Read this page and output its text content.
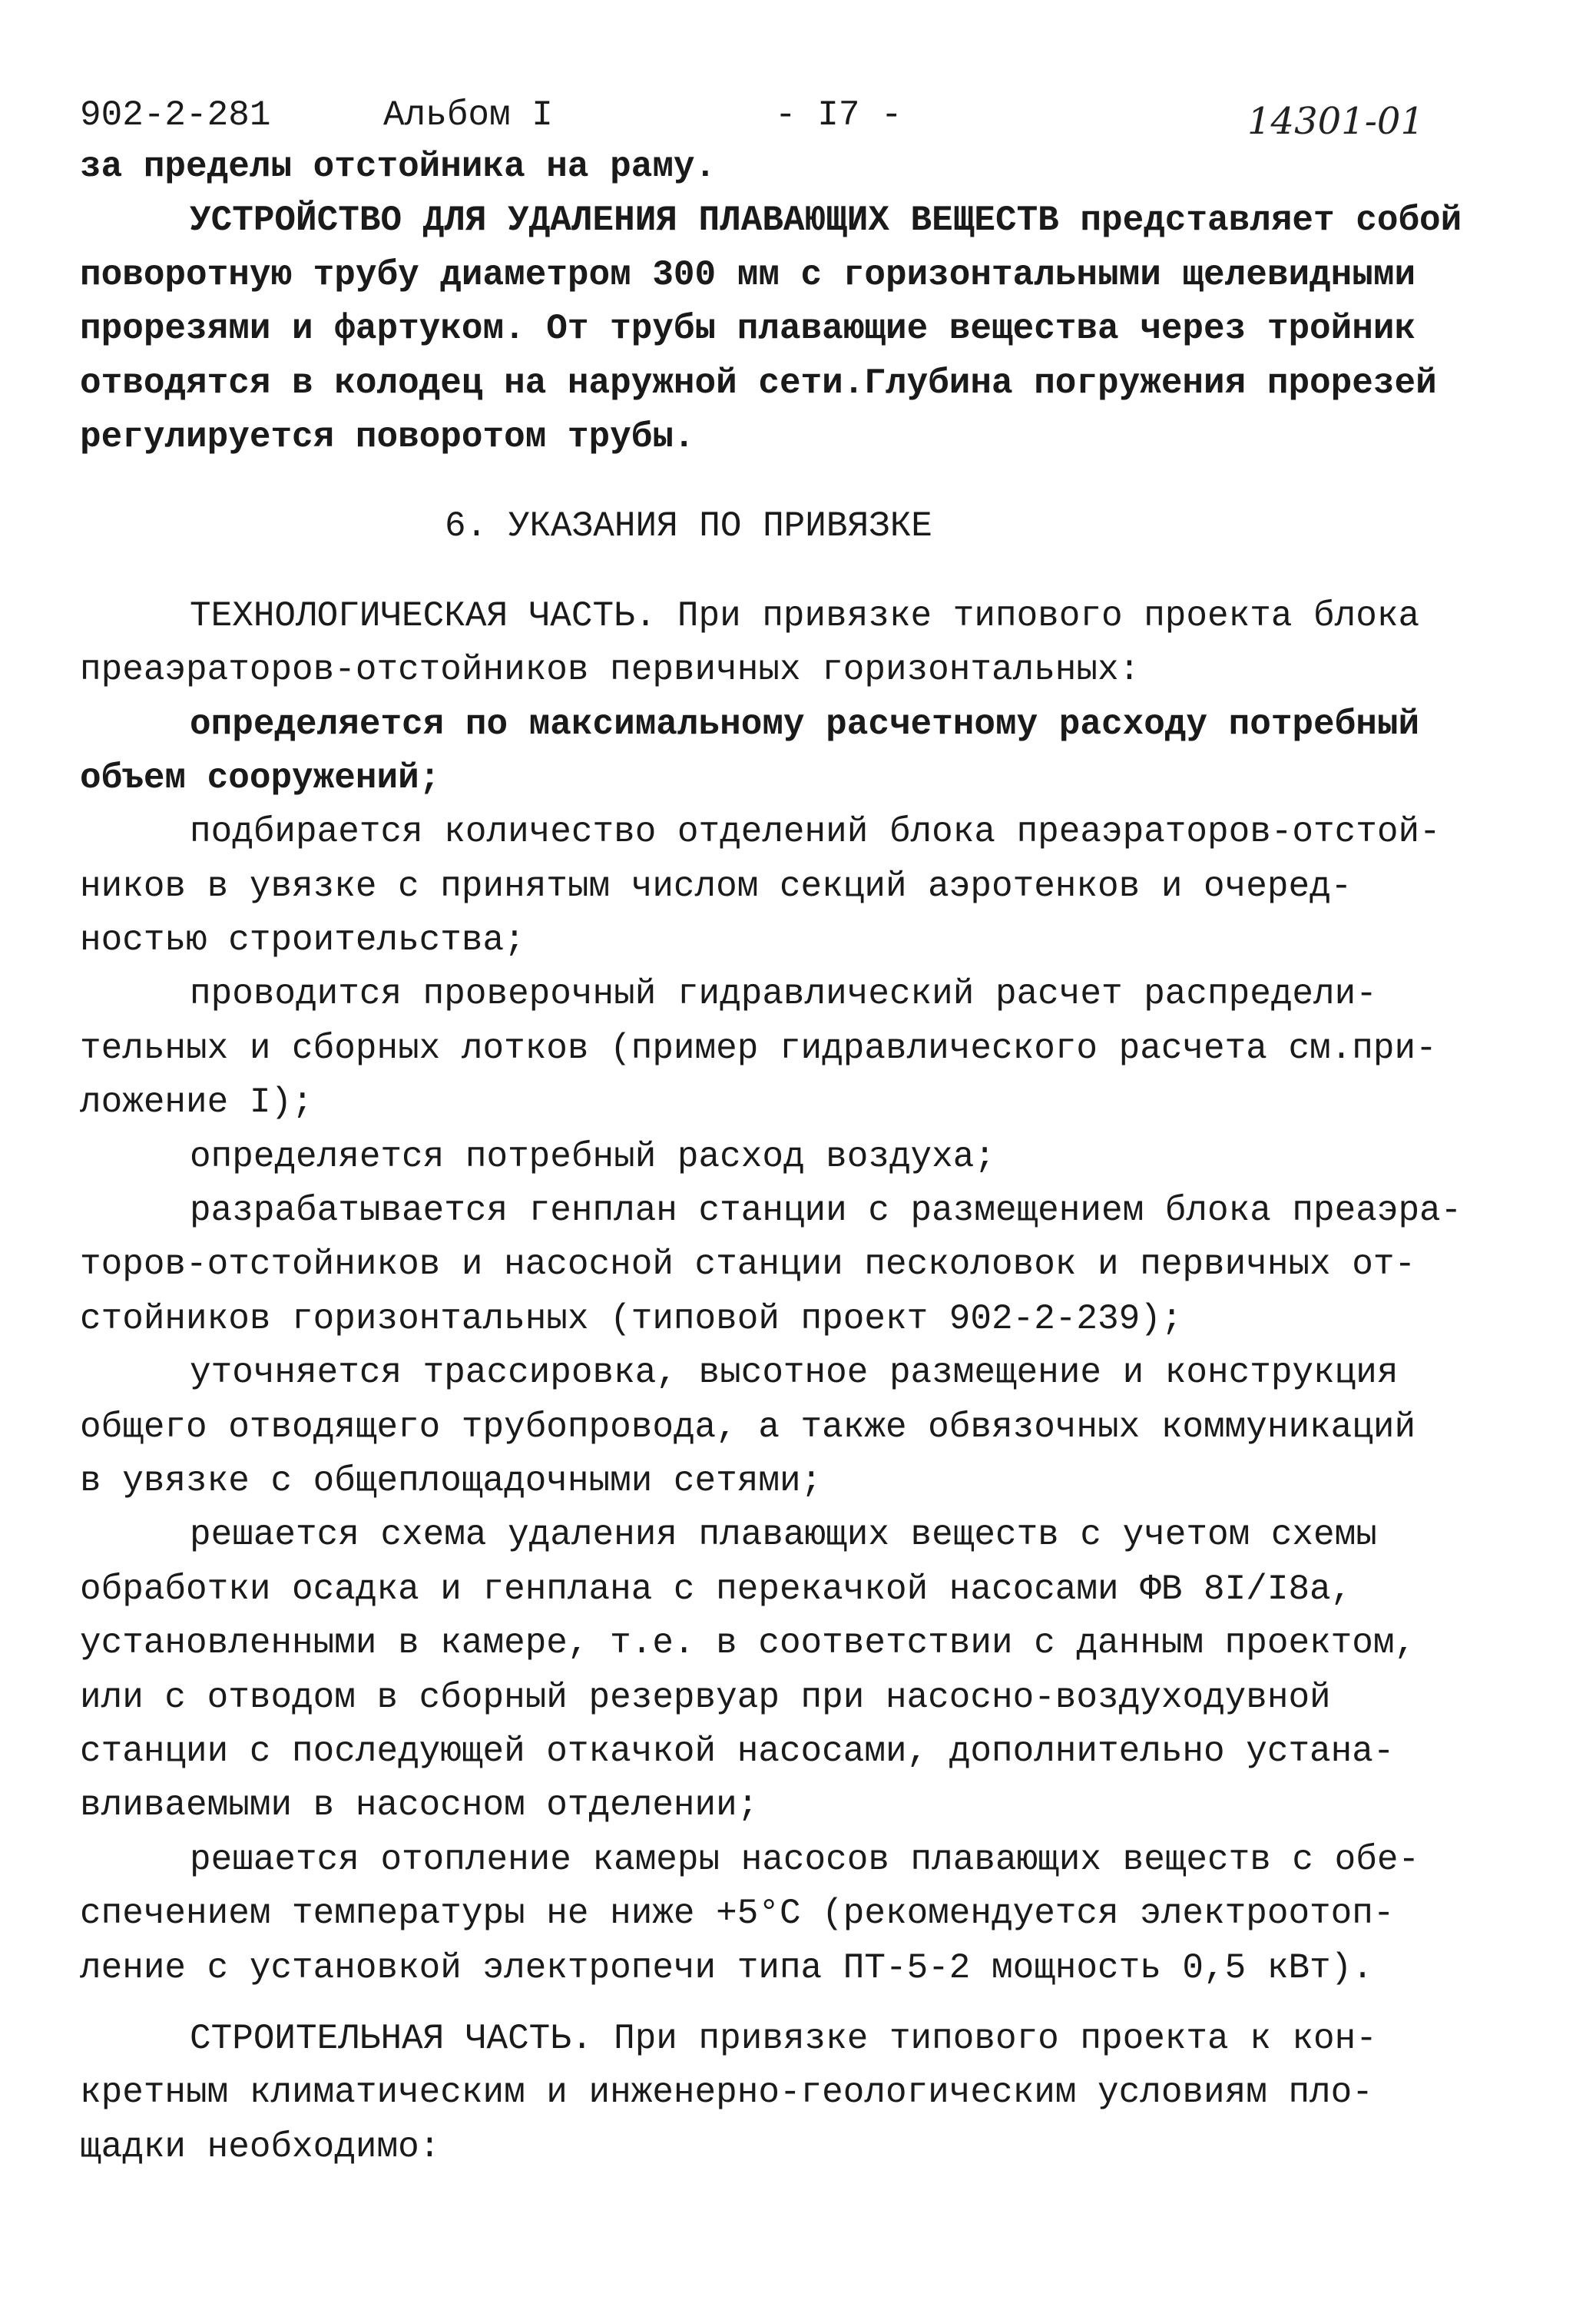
902-2-281	Альбом I	- I7 -	14301-01
за пределы отстойника на раму.
УСТРОЙСТВО ДЛЯ УДАЛЕНИЯ ПЛАВАЮЩИХ ВЕЩЕСТВ представляет собой
поворотную трубу диаметром 300 мм с горизонтальными щелевидными
прорезями и фартуком. От трубы плавающие вещества через тройник
отводятся в колодец на наружной сети.Глубина погружения прорезей
регулируется поворотом трубы.
6. УКАЗАНИЯ ПО ПРИВЯЗКЕ
ТЕХНОЛОГИЧЕСКАЯ ЧАСТЬ. При привязке типового проекта блока
преаэраторов-отстойников первичных горизонтальных:
определяется по максимальному расчетному расходу потребный
объем сооружений;
подбирается количество отделений блока преаэраторов-отстой-
ников в увязке с принятым числом секций аэротенков и очеред-
ностью строительства;
проводится проверочный гидравлический расчет распредели-
тельных и сборных лотков (пример гидравлического расчета см.при-
ложение I);
определяется потребный расход воздуха;
разрабатывается генплан станции с размещением блока преаэра-
торов-отстойников и насосной станции песколовок и первичных от-
стойников горизонтальных (типовой проект 902-2-239);
уточняется трассировка, высотное размещение и конструкция
общего отводящего трубопровода, а также обвязочных коммуникаций
в увязке с общеплощадочными сетями;
решается схема удаления плавающих веществ с учетом схемы
обработки осадка и генплана с перекачкой насосами ФВ 8I/I8а,
установленными в камере, т.е. в соответствии с данным проектом,
или с отводом в сборный резервуар при насосно-воздуходувной
станции с последующей откачкой насосами, дополнительно устана-
вливаемыми в насосном отделении;
решается отопление камеры насосов плавающих веществ с обе-
спечением температуры не ниже +5°С (рекомендуется электроотоп-
ление с установкой электропечи типа ПТ-5-2 мощность 0,5 кВт).
СТРОИТЕЛЬНАЯ ЧАСТЬ. При привязке типового проекта к кон-
кретным климатическим и инженерно-геологическим условиям пло-
щадки необходимо:
